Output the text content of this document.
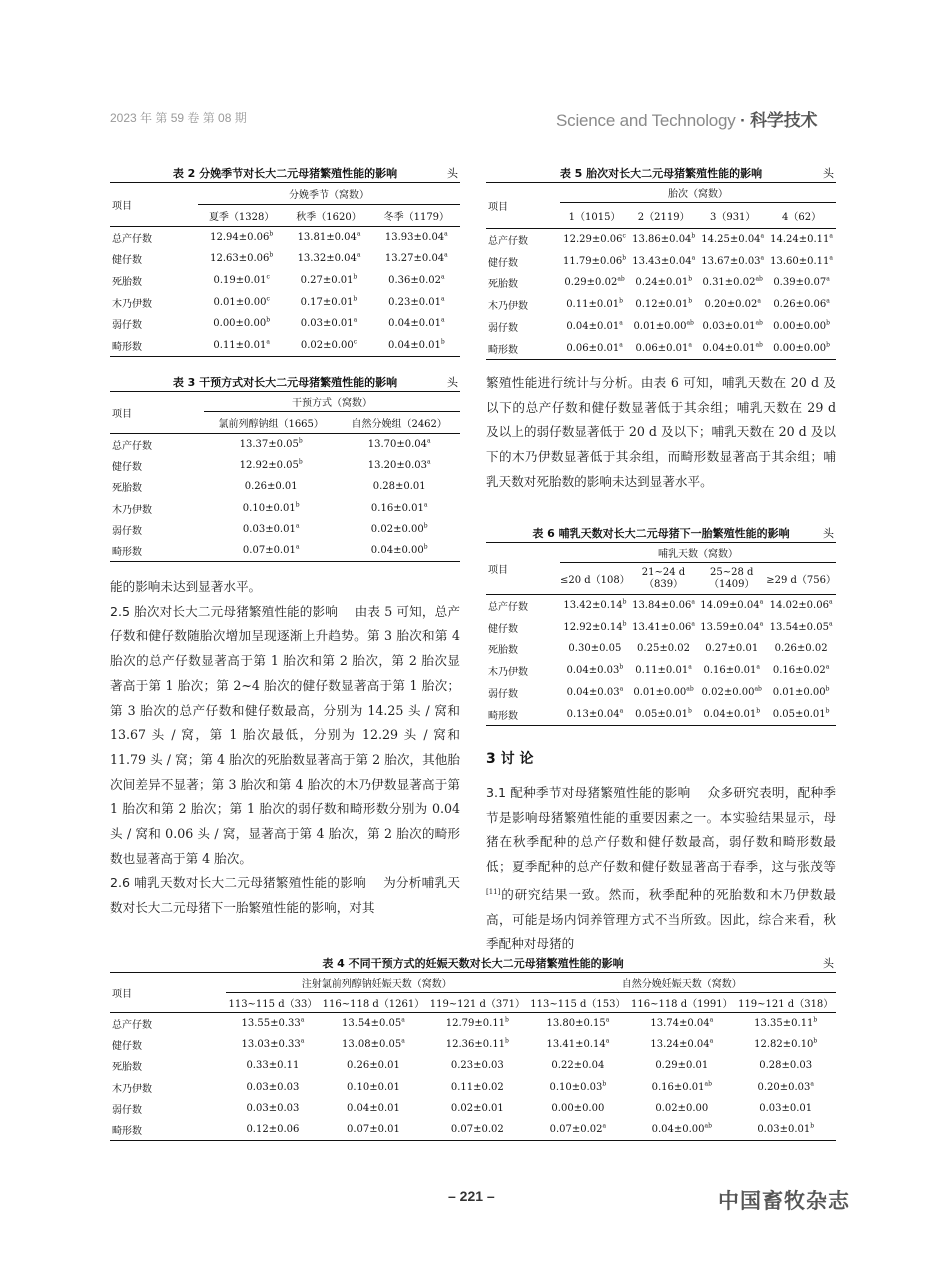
2023 年 第 59 卷 第 08 期	Science and Technology · 科学技术
表 2 分娩季节对长大二元母猪繁殖性能的影响	头
项目	分娩季节（窝数）		
	夏季（1328）	秋季（1620）	冬季（1179）
总产仔数	12.94±0.06$^b$	13.81±0.04$^a$	13.93±0.04$^a$
健仔数	12.63±0.06$^b$	13.32±0.04$^a$	13.27±0.04$^a$
死胎数	0.19±0.01$^c$	0.27±0.01$^b$	0.36±0.02$^a$
木乃伊数	0.01±0.00$^c$	0.17±0.01$^b$	0.23±0.01$^a$
弱仔数	0.00±0.00$^b$	0.03±0.01$^a$	0.04±0.01$^a$
畸形数	0.11±0.01$^a$	0.02±0.00$^c$	0.04±0.01$^b$
表 3 干预方式对长大二元母猪繁殖性能的影响	头
项目	干预方式（窝数）	
	氯前列醇钠组（1665）	自然分娩组（2462）
总产仔数	13.37±0.05$^b$	13.70±0.04$^a$
健仔数	12.92±0.05$^b$	13.20±0.03$^a$
死胎数	0.26±0.01	0.28±0.01
木乃伊数	0.10±0.01$^b$	0.16±0.01$^a$
弱仔数	0.03±0.01$^a$	0.02±0.00$^b$
畸形数	0.07±0.01$^a$	0.04±0.00$^b$

能的影响未达到显著水平。

2.5 胎次对长大二元母猪繁殖性能的影响 由表 5 可知，总产仔数和健仔数随胎次增加呈现逐渐上升趋势。第 3 胎次和第 4 胎次的总产仔数显著高于第 1 胎次和第 2 胎次，第 2 胎次显著高于第 1 胎次；第 2~4 胎次的健仔数显著高于第 1 胎次；第 3 胎次的总产仔数和健仔数最高，分别为 14.25 头 / 窝和 13.67 头 / 窝，第 1 胎次最低，分别为 12.29 头 / 窝和 11.79 头 / 窝；第 4 胎次的死胎数显著高于第 2 胎次，其他胎次间差异不显著；第 3 胎次和第 4 胎次的木乃伊数显著高于第 1 胎次和第 2 胎次；第 1 胎次的弱仔数和畸形数分别为 0.04 头 / 窝和 0.06 头 / 窝，显著高于第 4 胎次，第 2 胎次的畸形数也显著高于第 4 胎次。

2.6 哺乳天数对长大二元母猪繁殖性能的影响 为分析哺乳天数对长大二元母猪下一胎繁殖性能的影响，对其

表 5 胎次对长大二元母猪繁殖性能的影响	头
项目	胎次（窝数）			
	1（1015）	2（2119）	3（931）	4（62）
总产仔数	12.29±0.06$^c$	13.86±0.04$^b$	14.25±0.04$^a$	14.24±0.11$^a$
健仔数	11.79±0.06$^b$	13.43±0.04$^a$	13.67±0.03$^a$	13.60±0.11$^a$
死胎数	0.29±0.02$^{ab}$	0.24±0.01$^b$	0.31±0.02$^{ab}$	0.39±0.07$^a$
木乃伊数	0.11±0.01$^b$	0.12±0.01$^b$	0.20±0.02$^a$	0.26±0.06$^a$
弱仔数	0.04±0.01$^a$	0.01±0.00$^{ab}$	0.03±0.01$^{ab}$	0.00±0.00$^b$
畸形数	0.06±0.01$^a$	0.06±0.01$^a$	0.04±0.01$^{ab}$	0.00±0.00$^b$

繁殖性能进行统计与分析。由表 6 可知，哺乳天数在 20 d 及以下的总产仔数和健仔数显著低于其余组；哺乳天数在 29 d 及以上的弱仔数显著低于 20 d 及以下；哺乳天数在 20 d 及以下的木乃伊数显著低于其余组，而畸形数显著高于其余组；哺乳天数对死胎数的影响未达到显著水平。

表 6 哺乳天数对长大二元母猪下一胎繁殖性能的影响	头
项目	哺乳天数（窝数）			
	≤20 d（108）	21~24 d（839）	25~28 d（1409）	≥29 d（756）
总产仔数	13.42±0.14$^b$	13.84±0.06$^a$	14.09±0.04$^a$	14.02±0.06$^a$
健仔数	12.92±0.14$^b$	13.41±0.06$^a$	13.59±0.04$^a$	13.54±0.05$^a$
死胎数	0.30±0.05	0.25±0.02	0.27±0.01	0.26±0.02
木乃伊数	0.04±0.03$^b$	0.11±0.01$^a$	0.16±0.01$^a$	0.16±0.02$^a$
弱仔数	0.04±0.03$^a$	0.01±0.00$^{ab}$	0.02±0.00$^{ab}$	0.01±0.00$^b$
畸形数	0.13±0.04$^a$	0.05±0.01$^b$	0.04±0.01$^b$	0.05±0.01$^b$
3 讨 论

3.1 配种季节对母猪繁殖性能的影响 众多研究表明，配种季节是影响母猪繁殖性能的重要因素之一。本实验结果显示，母猪在秋季配种的总产仔数和健仔数最高，弱仔数和畸形数最低；夏季配种的总产仔数和健仔数显著高于春季，这与张茂等[11]的研究结果一致。然而，秋季配种的死胎数和木乃伊数最高，可能是场内饲养管理方式不当所致。因此，综合来看，秋季配种对母猪的

表 4 不同干预方式的妊娠天数对长大二元母猪繁殖性能的影响	头
项目	注射氯前列醇钠妊娠天数（窝数）			自然分娩妊娠天数（窝数）		
	113~115 d（33）	116~118 d（1261）	119~121 d（371）	113~115 d（153）	116~118 d（1991）	119~121 d（318）
总产仔数	13.55±0.33$^a$	13.54±0.05$^a$	12.79±0.11$^b$	13.80±0.15$^a$	13.74±0.04$^a$	13.35±0.11$^b$
健仔数	13.03±0.33$^a$	13.08±0.05$^a$	12.36±0.11$^b$	13.41±0.14$^a$	13.24±0.04$^a$	12.82±0.10$^b$
死胎数	0.33±0.11	0.26±0.01	0.23±0.03	0.22±0.04	0.29±0.01	0.28±0.03
木乃伊数	0.03±0.03	0.10±0.01	0.11±0.02	0.10±0.03$^b$	0.16±0.01$^{ab}$	0.20±0.03$^a$
弱仔数	0.03±0.03	0.04±0.01	0.02±0.01	0.00±0.00	0.02±0.00	0.03±0.01
畸形数	0.12±0.06	0.07±0.01	0.07±0.02	0.07±0.02$^a$	0.04±0.00$^{ab}$	0.03±0.01$^b$
– 221 –	中国畜牧杂志
